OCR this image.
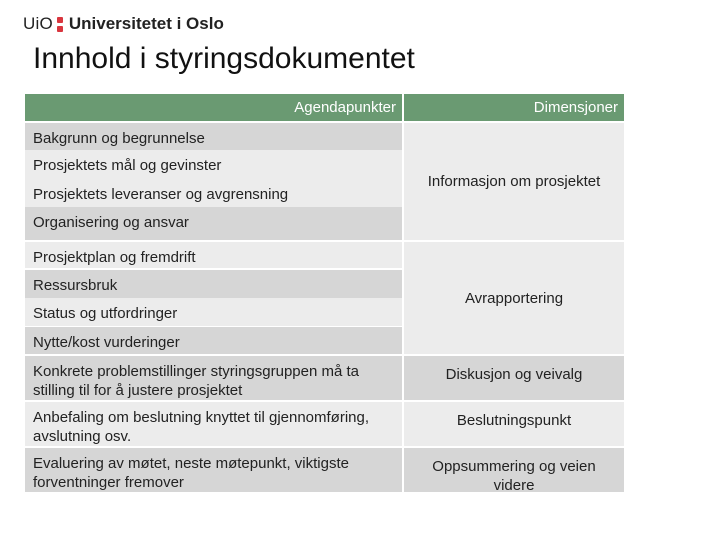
UiO Universitetet i Oslo
Innhold i styringsdokumentet
Agendapunkter	Dimensjoner
Bakgrunn og begrunnelse
Prosjektets mål og gevinster
Prosjektets leveranser og avgrensning
Organisering og ansvar
Prosjektplan og fremdrift
Ressursbruk
Status og utfordringer
Nytte/kost vurderinger
Konkrete problemstillinger styringsgruppen må ta stilling til for å justere prosjektet
Anbefaling om beslutning knyttet til gjennomføring, avslutning osv.
Evaluering av møtet, neste møtepunkt, viktigste forventninger fremover
Informasjon om prosjektet
Avrapportering
Diskusjon og veivalg
Beslutningspunkt
Oppsummering og veien videre
